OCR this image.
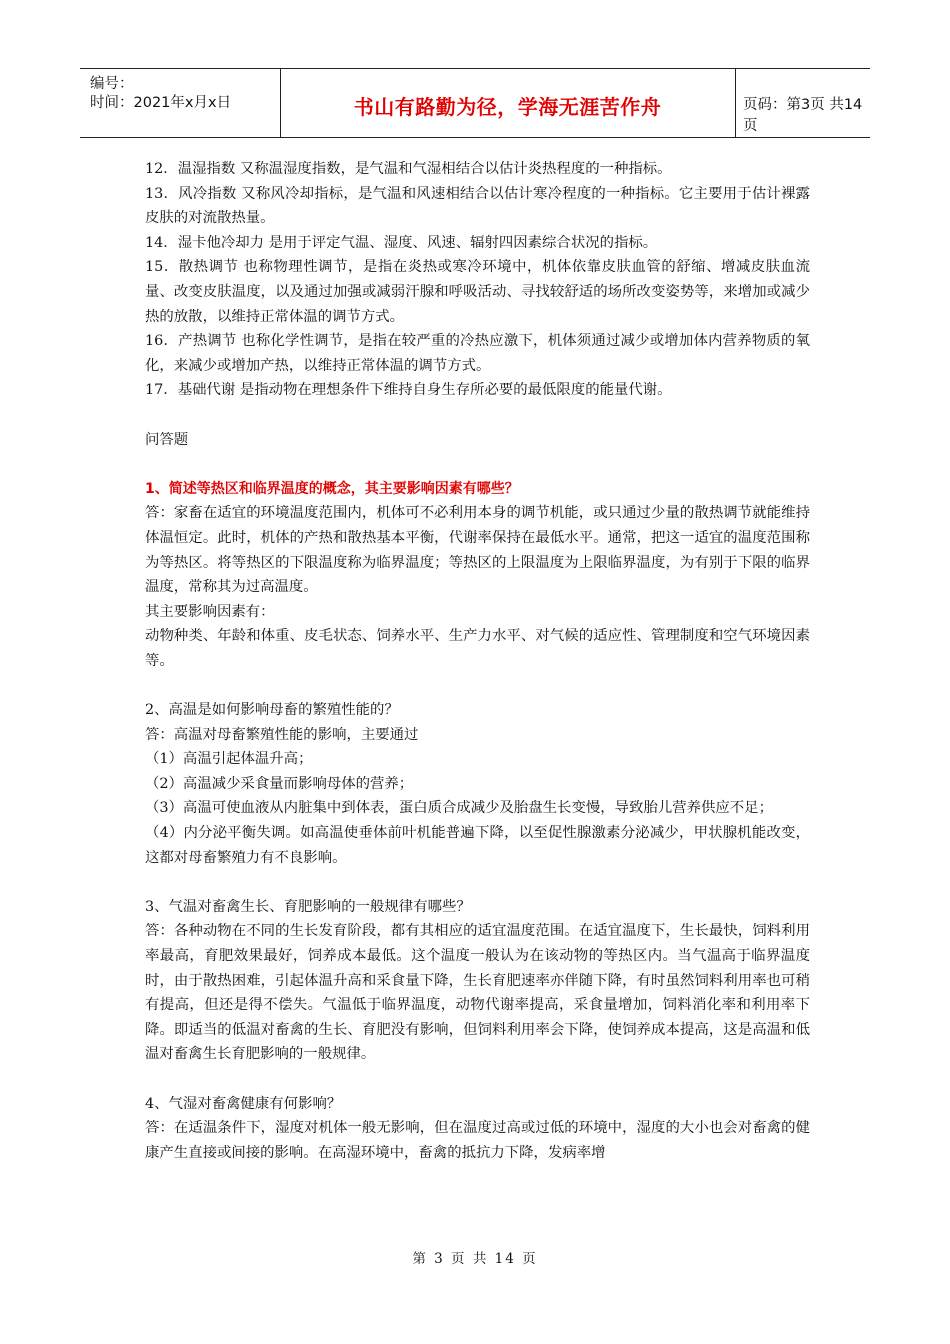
编号：
时间：2021年x月x日	书山有路勤为径，学海无涯苦作舟	页码：第3页 共14页

12．温湿指数 又称温湿度指数，是气温和气湿相结合以估计炎热程度的一种指标。

13．风冷指数 又称风冷却指标，是气温和风速相结合以估计寒冷程度的一种指标。它主要用于估计裸露皮肤的对流散热量。

14．湿卡他冷却力 是用于评定气温、湿度、风速、辐射四因素综合状况的指标。

15．散热调节 也称物理性调节，是指在炎热或寒冷环境中，机体依靠皮肤血管的舒缩、增减皮肤血流量、改变皮肤温度，以及通过加强或减弱汗腺和呼吸活动、寻找较舒适的场所改变姿势等，来增加或减少热的放散，以维持正常体温的调节方式。

16．产热调节 也称化学性调节，是指在较严重的冷热应激下，机体须通过减少或增加体内营养物质的氧化，来减少或增加产热，以维持正常体温的调节方式。

17．基础代谢 是指动物在理想条件下维持自身生存所必要的最低限度的能量代谢。

问答题

1、简述等热区和临界温度的概念，其主要影响因素有哪些？

答：家畜在适宜的环境温度范围内，机体可不必利用本身的调节机能，或只通过少量的散热调节就能维持体温恒定。此时，机体的产热和散热基本平衡，代谢率保持在最低水平。通常，把这一适宜的温度范围称为等热区。将等热区的下限温度称为临界温度；等热区的上限温度为上限临界温度，为有别于下限的临界温度，常称其为过高温度。

其主要影响因素有：

动物种类、年龄和体重、皮毛状态、饲养水平、生产力水平、对气候的适应性、管理制度和空气环境因素等。

2、高温是如何影响母畜的繁殖性能的？

答：高温对母畜繁殖性能的影响，主要通过

（1）高温引起体温升高；

（2）高温减少采食量而影响母体的营养；

（3）高温可使血液从内脏集中到体表，蛋白质合成减少及胎盘生长变慢，导致胎儿营养供应不足；

（4）内分泌平衡失调。如高温使垂体前叶机能普遍下降，以至促性腺激素分泌减少，甲状腺机能改变，这都对母畜繁殖力有不良影响。

3、气温对畜禽生长、育肥影响的一般规律有哪些？

答：各种动物在不同的生长发育阶段，都有其相应的适宜温度范围。在适宜温度下，生长最快，饲料利用率最高，育肥效果最好，饲养成本最低。这个温度一般认为在该动物的等热区内。当气温高于临界温度时，由于散热困难，引起体温升高和采食量下降，生长育肥速率亦伴随下降，有时虽然饲料利用率也可稍有提高，但还是得不偿失。气温低于临界温度，动物代谢率提高，采食量增加，饲料消化率和利用率下降。即适当的低温对畜禽的生长、育肥没有影响，但饲料利用率会下降，使饲养成本提高，这是高温和低温对畜禽生长育肥影响的一般规律。

4、气湿对畜禽健康有何影响？

答：在适温条件下，湿度对机体一般无影响，但在温度过高或过低的环境中，湿度的大小也会对畜禽的健康产生直接或间接的影响。在高湿环境中，畜禽的抵抗力下降，发病率增

第 3 页 共 14 页
